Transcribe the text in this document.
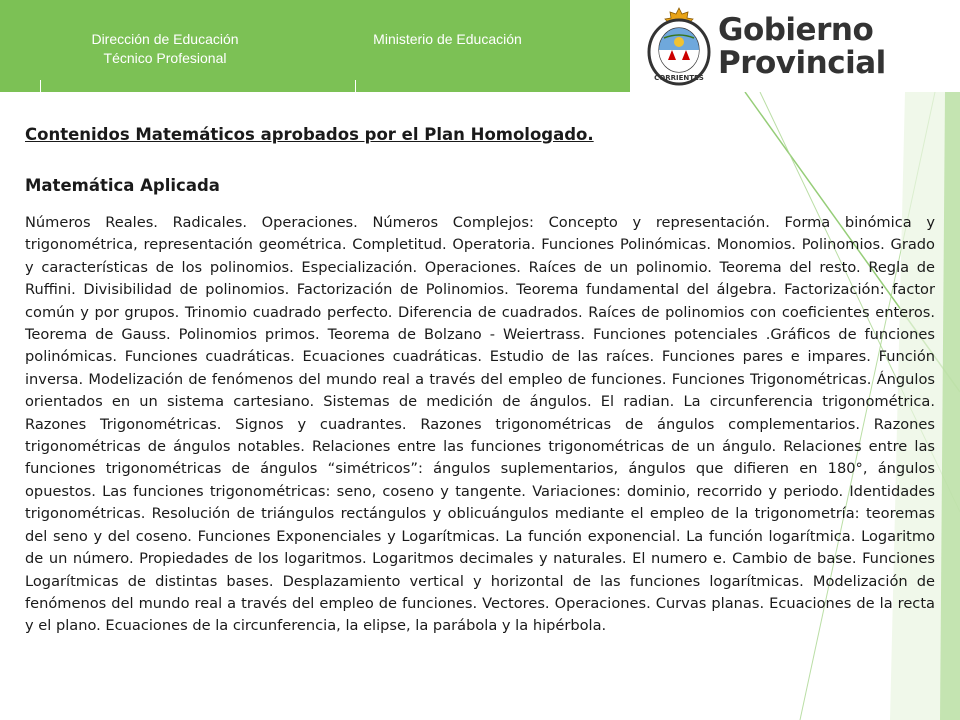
Dirección de Educación
Técnico Profesional
Ministerio de Educación
CORRIENTES
Gobierno
Provincial

Contenidos Matemáticos aprobados por el Plan Homologado.

Matemática Aplicada

Números Reales. Radicales. Operaciones. Números Complejos: Concepto y representación. Forma binómica y trigonométrica, representación geométrica. Completitud. Operatoria. Funciones Polinómicas. Monomios. Polinomios. Grado y características de los polinomios. Especialización. Operaciones. Raíces de un polinomio. Teorema del resto. Regla de Ruffini. Divisibilidad de polinomios. Factorización de Polinomios. Teorema fundamental del álgebra. Factorización: factor común y por grupos. Trinomio cuadrado perfecto. Diferencia de cuadrados. Raíces de polinomios con coeficientes enteros. Teorema de Gauss. Polinomios primos. Teorema de Bolzano - Weiertrass. Funciones potenciales .Gráficos de funciones polinómicas. Funciones cuadráticas. Ecuaciones cuadráticas. Estudio de las raíces. Funciones pares e impares. Función inversa. Modelización de fenómenos del mundo real a través del empleo de funciones. Funciones Trigonométricas. Ángulos orientados en un sistema cartesiano. Sistemas de medición de ángulos. El radian. La circunferencia trigonométrica. Razones Trigonométricas. Signos y cuadrantes. Razones trigonométricas de ángulos complementarios. Razones trigonométricas de ángulos notables. Relaciones entre las funciones trigonométricas de un ángulo. Relaciones entre las funciones trigonométricas de ángulos “simétricos”: ángulos suplementarios, ángulos que difieren en 180°, ángulos opuestos. Las funciones trigonométricas: seno, coseno y tangente. Variaciones: dominio, recorrido y periodo. Identidades trigonométricas. Resolución de triángulos rectángulos y oblicuángulos mediante el empleo de la trigonometría: teoremas del seno y del coseno. Funciones Exponenciales y Logarítmicas. La función exponencial. La función logarítmica. Logaritmo de un número. Propiedades de los logaritmos. Logaritmos decimales y naturales. El numero e. Cambio de base. Funciones Logarítmicas de distintas bases. Desplazamiento vertical y horizontal de las funciones logarítmicas. Modelización de fenómenos del mundo real a través del empleo de funciones. Vectores. Operaciones. Curvas planas. Ecuaciones de la recta y el plano. Ecuaciones de la circunferencia, la elipse, la parábola y la hipérbola.
